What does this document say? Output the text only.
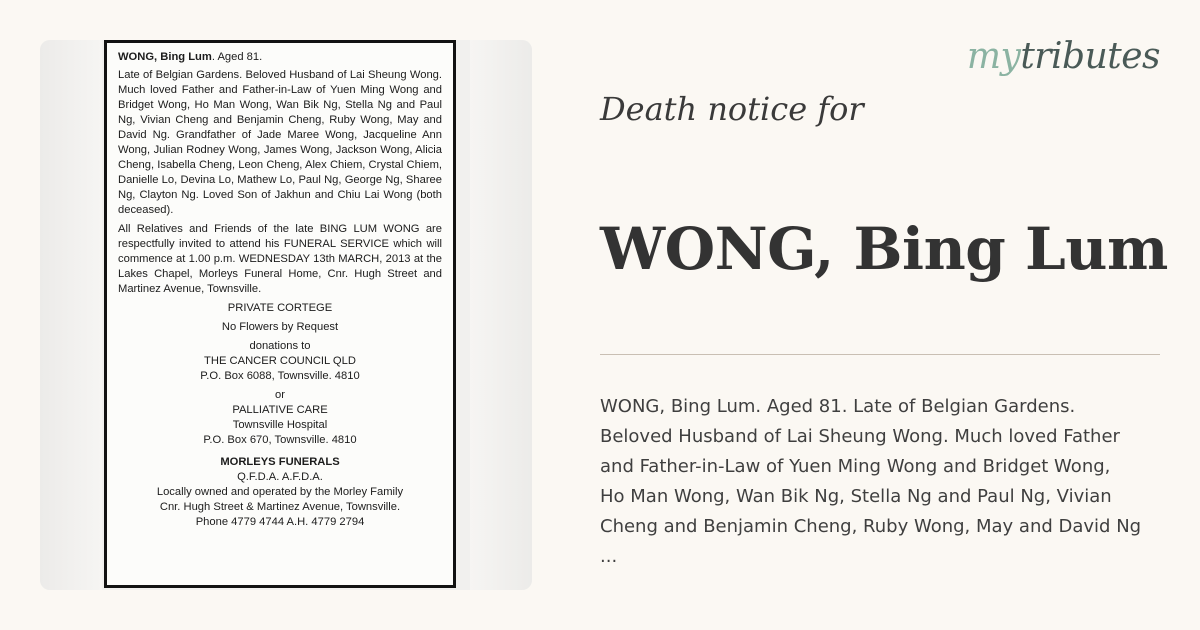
WONG, Bing Lum. Aged 81.
Late of Belgian Gardens. Beloved Husband of Lai Sheung Wong. Much loved Father and Father-in-Law of Yuen Ming Wong and Bridget Wong, Ho Man Wong, Wan Bik Ng, Stella Ng and Paul Ng, Vivian Cheng and Benjamin Cheng, Ruby Wong, May and David Ng. Grandfather of Jade Maree Wong, Jacqueline Ann Wong, Julian Rodney Wong, James Wong, Jackson Wong, Alicia Cheng, Isabella Cheng, Leon Cheng, Alex Chiem, Crystal Chiem, Danielle Lo, Devina Lo, Mathew Lo, Paul Ng, George Ng, Sharee Ng, Clayton Ng. Loved Son of Jakhun and Chiu Lai Wong (both deceased).
All Relatives and Friends of the late BING LUM WONG are respectfully invited to attend his FUNERAL SERVICE which will commence at 1.00 p.m. WEDNESDAY 13th MARCH, 2013 at the Lakes Chapel, Morleys Funeral Home, Cnr. Hugh Street and Martinez Avenue, Townsville.
PRIVATE CORTEGE
No Flowers by Request
donations to
THE CANCER COUNCIL QLD
P.O. Box 6088, Townsville. 4810
or
PALLIATIVE CARE
Townsville Hospital
P.O. Box 670, Townsville. 4810
MORLEYS FUNERALS
Q.F.D.A. A.F.D.A.
Locally owned and operated by the Morley Family
Cnr. Hugh Street & Martinez Avenue, Townsville.
Phone 4779 4744 A.H. 4779 2794
mytributes
Death notice for
WONG, Bing Lum
WONG, Bing Lum. Aged 81. Late of Belgian Gardens.
Beloved Husband of Lai Sheung Wong. Much loved Father
and Father-in-Law of Yuen Ming Wong and Bridget Wong,
Ho Man Wong, Wan Bik Ng, Stella Ng and Paul Ng, Vivian
Cheng and Benjamin Cheng, Ruby Wong, May and David Ng
...
